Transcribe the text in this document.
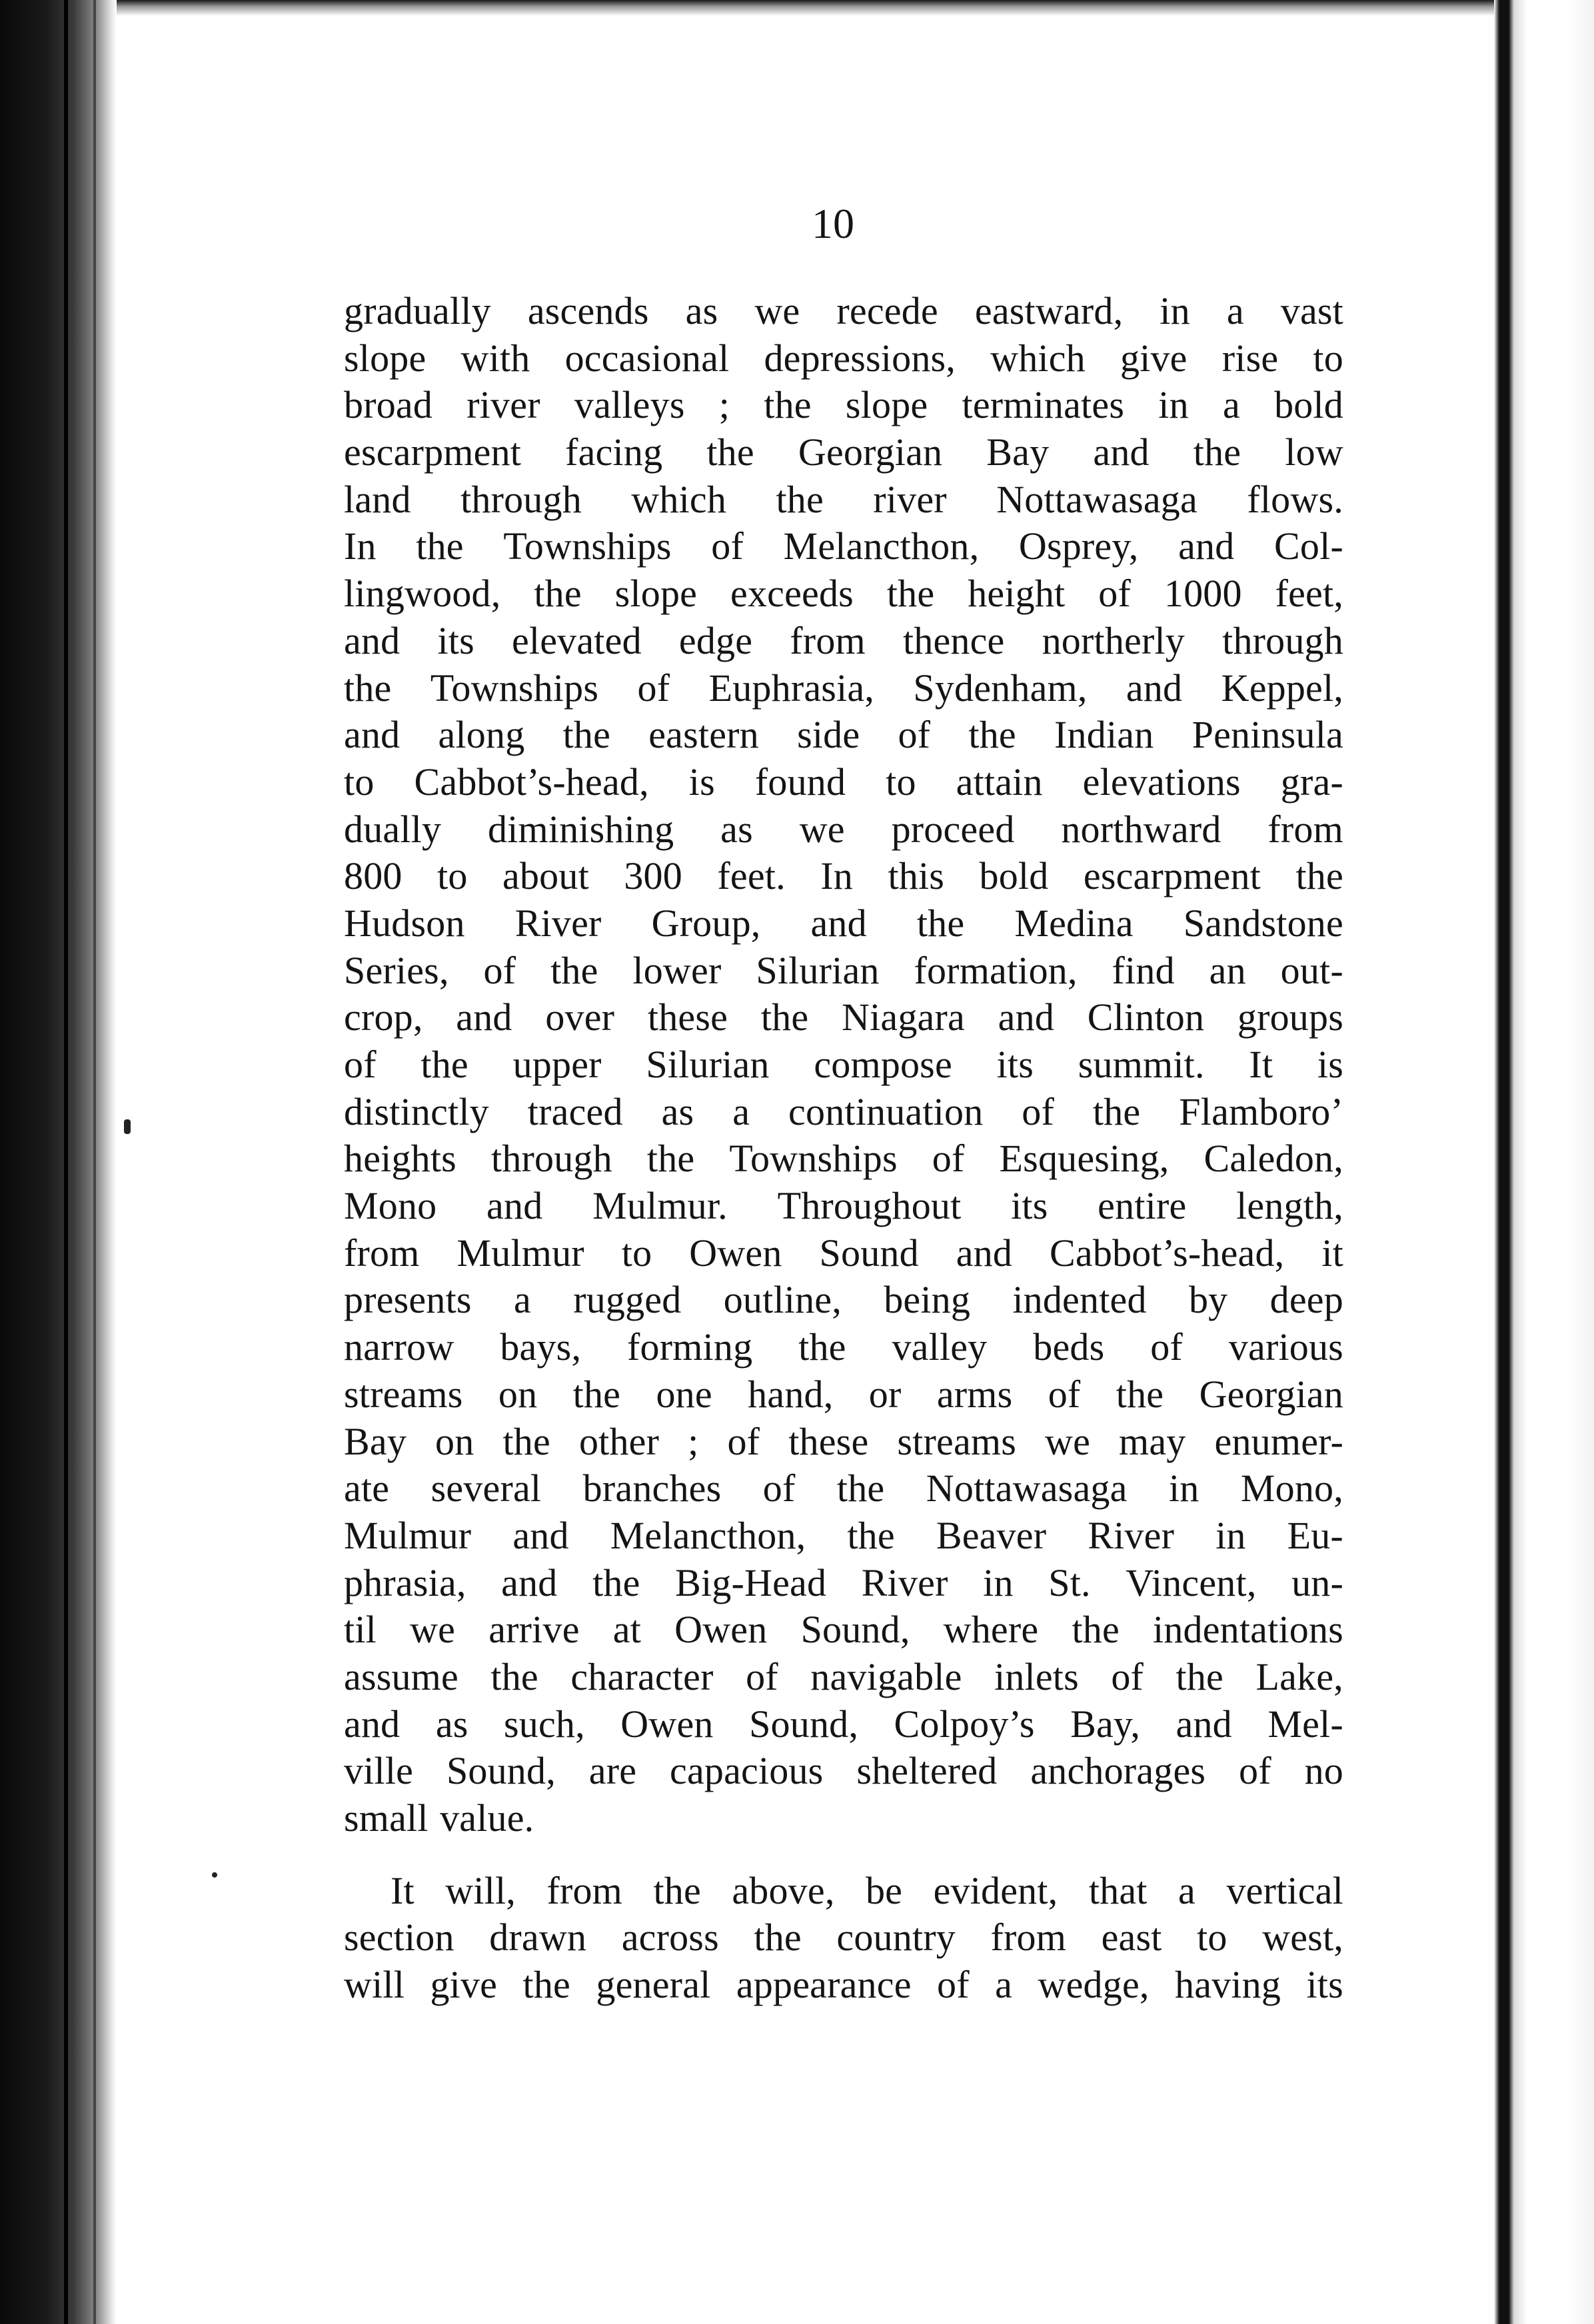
10
gradually ascends as we recede eastward, in a vast
slope with occasional depressions, which give rise to
broad river valleys ; the slope terminates in a bold
escarpment facing the Georgian Bay and the low
land through which the river Nottawasaga flows.
In the Townships of Melancthon, Osprey, and Col-
lingwood, the slope exceeds the height of 1000 feet,
and its elevated edge from thence northerly through
the Townships of Euphrasia, Sydenham, and Keppel,
and along the eastern side of the Indian Peninsula
to Cabbot’s-head, is found to attain elevations gra-
dually diminishing as we proceed northward from
800 to about 300 feet. In this bold escarpment the
Hudson River Group, and the Medina Sandstone
Series, of the lower Silurian formation, find an out-
crop, and over these the Niagara and Clinton groups
of the upper Silurian compose its summit. It is
distinctly traced as a continuation of the Flamboro’
heights through the Townships of Esquesing, Caledon,
Mono and Mulmur. Throughout its entire length,
from Mulmur to Owen Sound and Cabbot’s-head, it
presents a rugged outline, being indented by deep
narrow bays, forming the valley beds of various
streams on the one hand, or arms of the Georgian
Bay on the other ; of these streams we may enumer-
ate several branches of the Nottawasaga in Mono,
Mulmur and Melancthon, the Beaver River in Eu-
phrasia, and the Big-Head River in St. Vincent, un-
til we arrive at Owen Sound, where the indentations
assume the character of navigable inlets of the Lake,
and as such, Owen Sound, Colpoy’s Bay, and Mel-
ville Sound, are capacious sheltered anchorages of no
small value.
It will, from the above, be evident, that a vertical
section drawn across the country from east to west,
will give the general appearance of a wedge, having its
